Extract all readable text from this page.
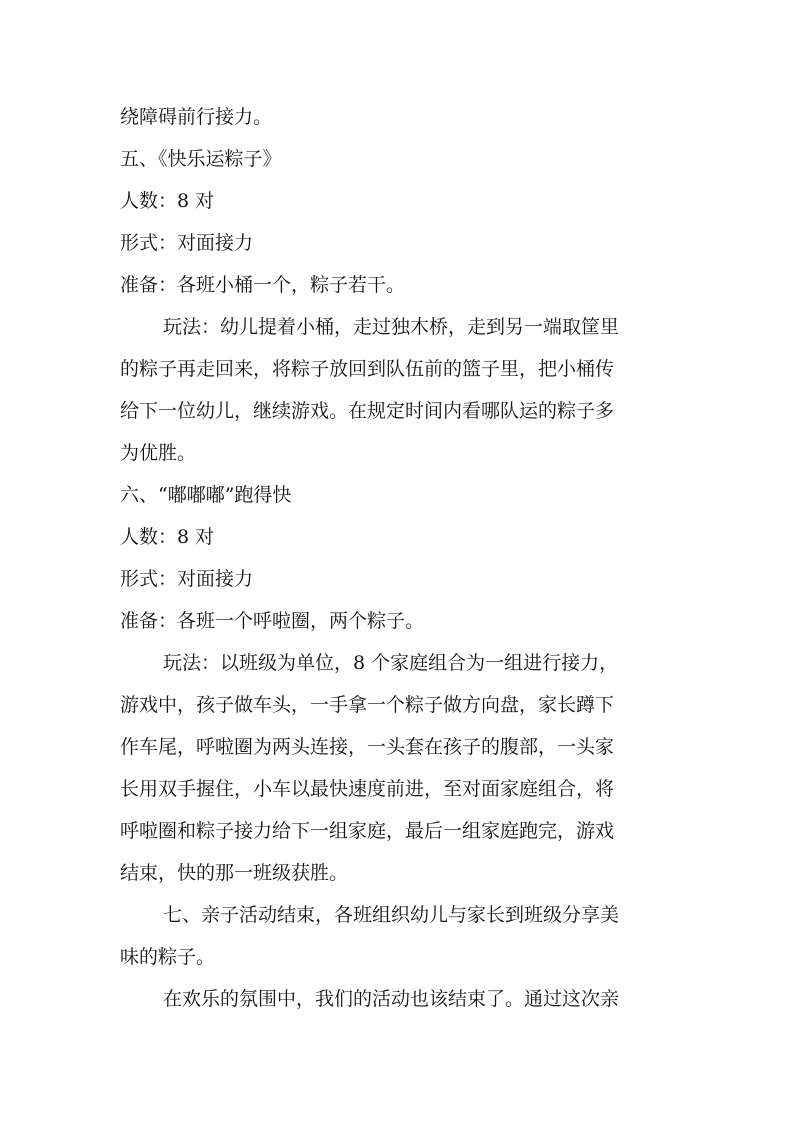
绕障碍前行接力。
五、《快乐运粽子》
人数：8 对
形式：对面接力
准备：各班小桶一个，粽子若干。
玩法：幼儿提着小桶，走过独木桥，走到另一端取筐里
的粽子再走回来，将粽子放回到队伍前的篮子里，把小桶传
给下一位幼儿，继续游戏。在规定时间内看哪队运的粽子多
为优胜。
六、“嘟嘟嘟”跑得快
人数：8 对
形式：对面接力
准备：各班一个呼啦圈，两个粽子。
玩法：以班级为单位，8 个家庭组合为一组进行接力，
游戏中，孩子做车头，一手拿一个粽子做方向盘，家长蹲下
作车尾，呼啦圈为两头连接，一头套在孩子的腹部，一头家
长用双手握住，小车以最快速度前进，至对面家庭组合，将
呼啦圈和粽子接力给下一组家庭，最后一组家庭跑完，游戏
结束，快的那一班级获胜。
七、亲子活动结束，各班组织幼儿与家长到班级分享美
味的粽子。
在欢乐的氛围中，我们的活动也该结束了。通过这次亲
